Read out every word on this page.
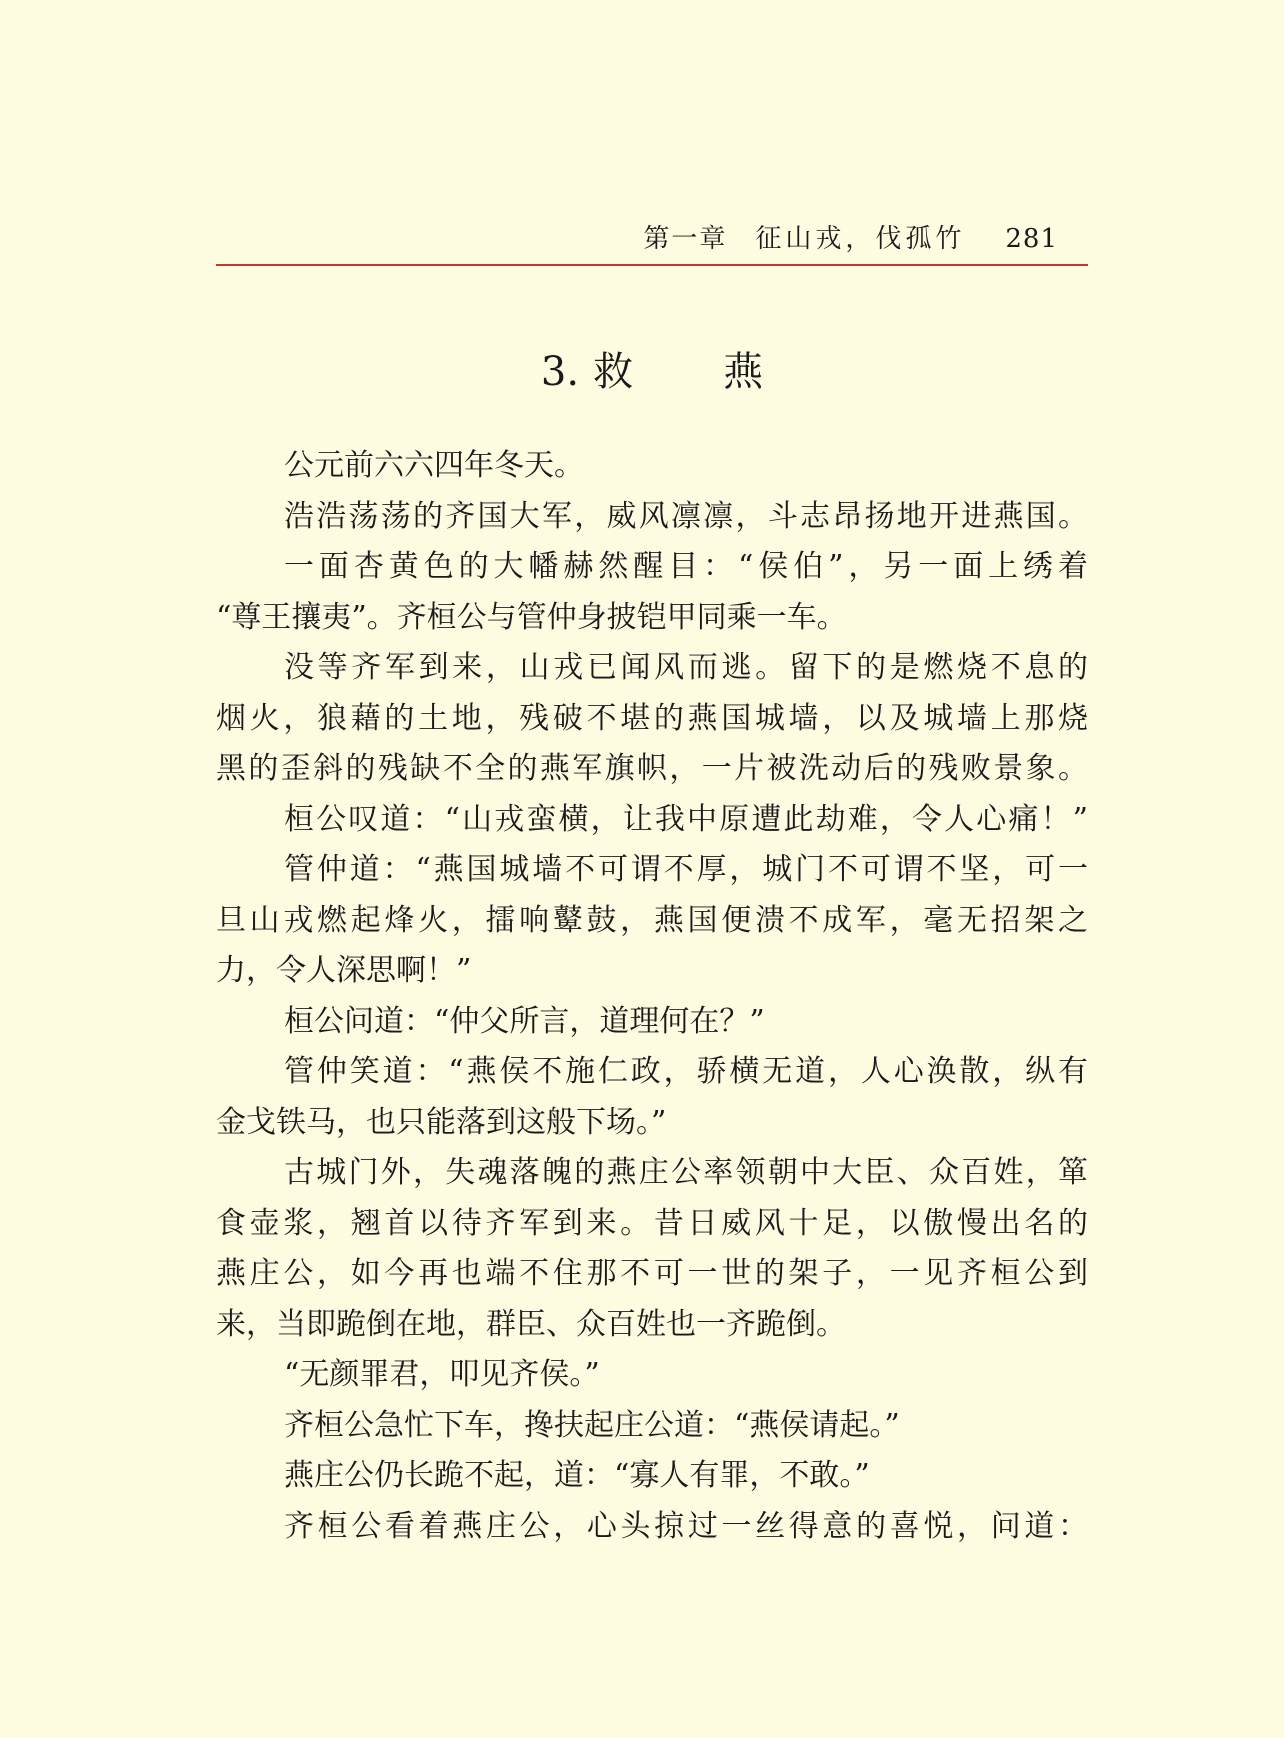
第一章 征山戎，伐孤竹 281
3. 救 燕
公元前六六四年冬天。
浩浩荡荡的齐国大军，威风凛凛，斗志昂扬地开进燕国。
一面杏黄色的大幡赫然醒目：“侯伯”，另一面上绣着
“尊王攘夷”。齐桓公与管仲身披铠甲同乘一车。
没等齐军到来，山戎已闻风而逃。留下的是燃烧不息的
烟火，狼藉的土地，残破不堪的燕国城墙，以及城墙上那烧
黑的歪斜的残缺不全的燕军旗帜，一片被洗动后的残败景象。
桓公叹道：“山戎蛮横，让我中原遭此劫难，令人心痛！”
管仲道：“燕国城墙不可谓不厚，城门不可谓不坚，可一
旦山戎燃起烽火，擂响鼙鼓，燕国便溃不成军，毫无招架之
力，令人深思啊！”
桓公问道：“仲父所言，道理何在？”
管仲笑道：“燕侯不施仁政，骄横无道，人心涣散，纵有
金戈铁马，也只能落到这般下场。”
古城门外，失魂落魄的燕庄公率领朝中大臣、众百姓，箪
食壶浆，翘首以待齐军到来。昔日威风十足，以傲慢出名的
燕庄公，如今再也端不住那不可一世的架子，一见齐桓公到
来，当即跪倒在地，群臣、众百姓也一齐跪倒。
“无颜罪君，叩见齐侯。”
齐桓公急忙下车，搀扶起庄公道：“燕侯请起。”
燕庄公仍长跪不起，道：“寡人有罪，不敢。”
齐桓公看着燕庄公，心头掠过一丝得意的喜悦，问道：
